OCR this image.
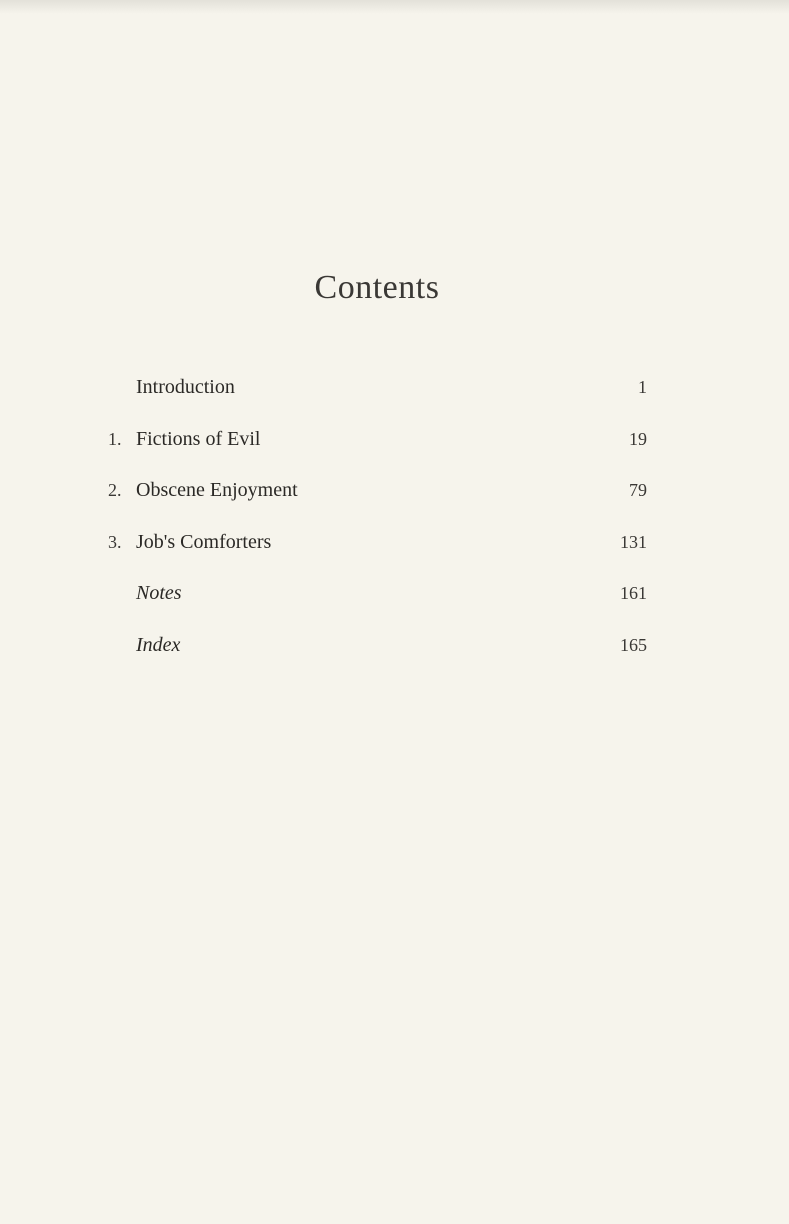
Contents
Introduction	1
1. Fictions of Evil	19
2. Obscene Enjoyment	79
3. Job's Comforters	131
Notes	161
Index	165
